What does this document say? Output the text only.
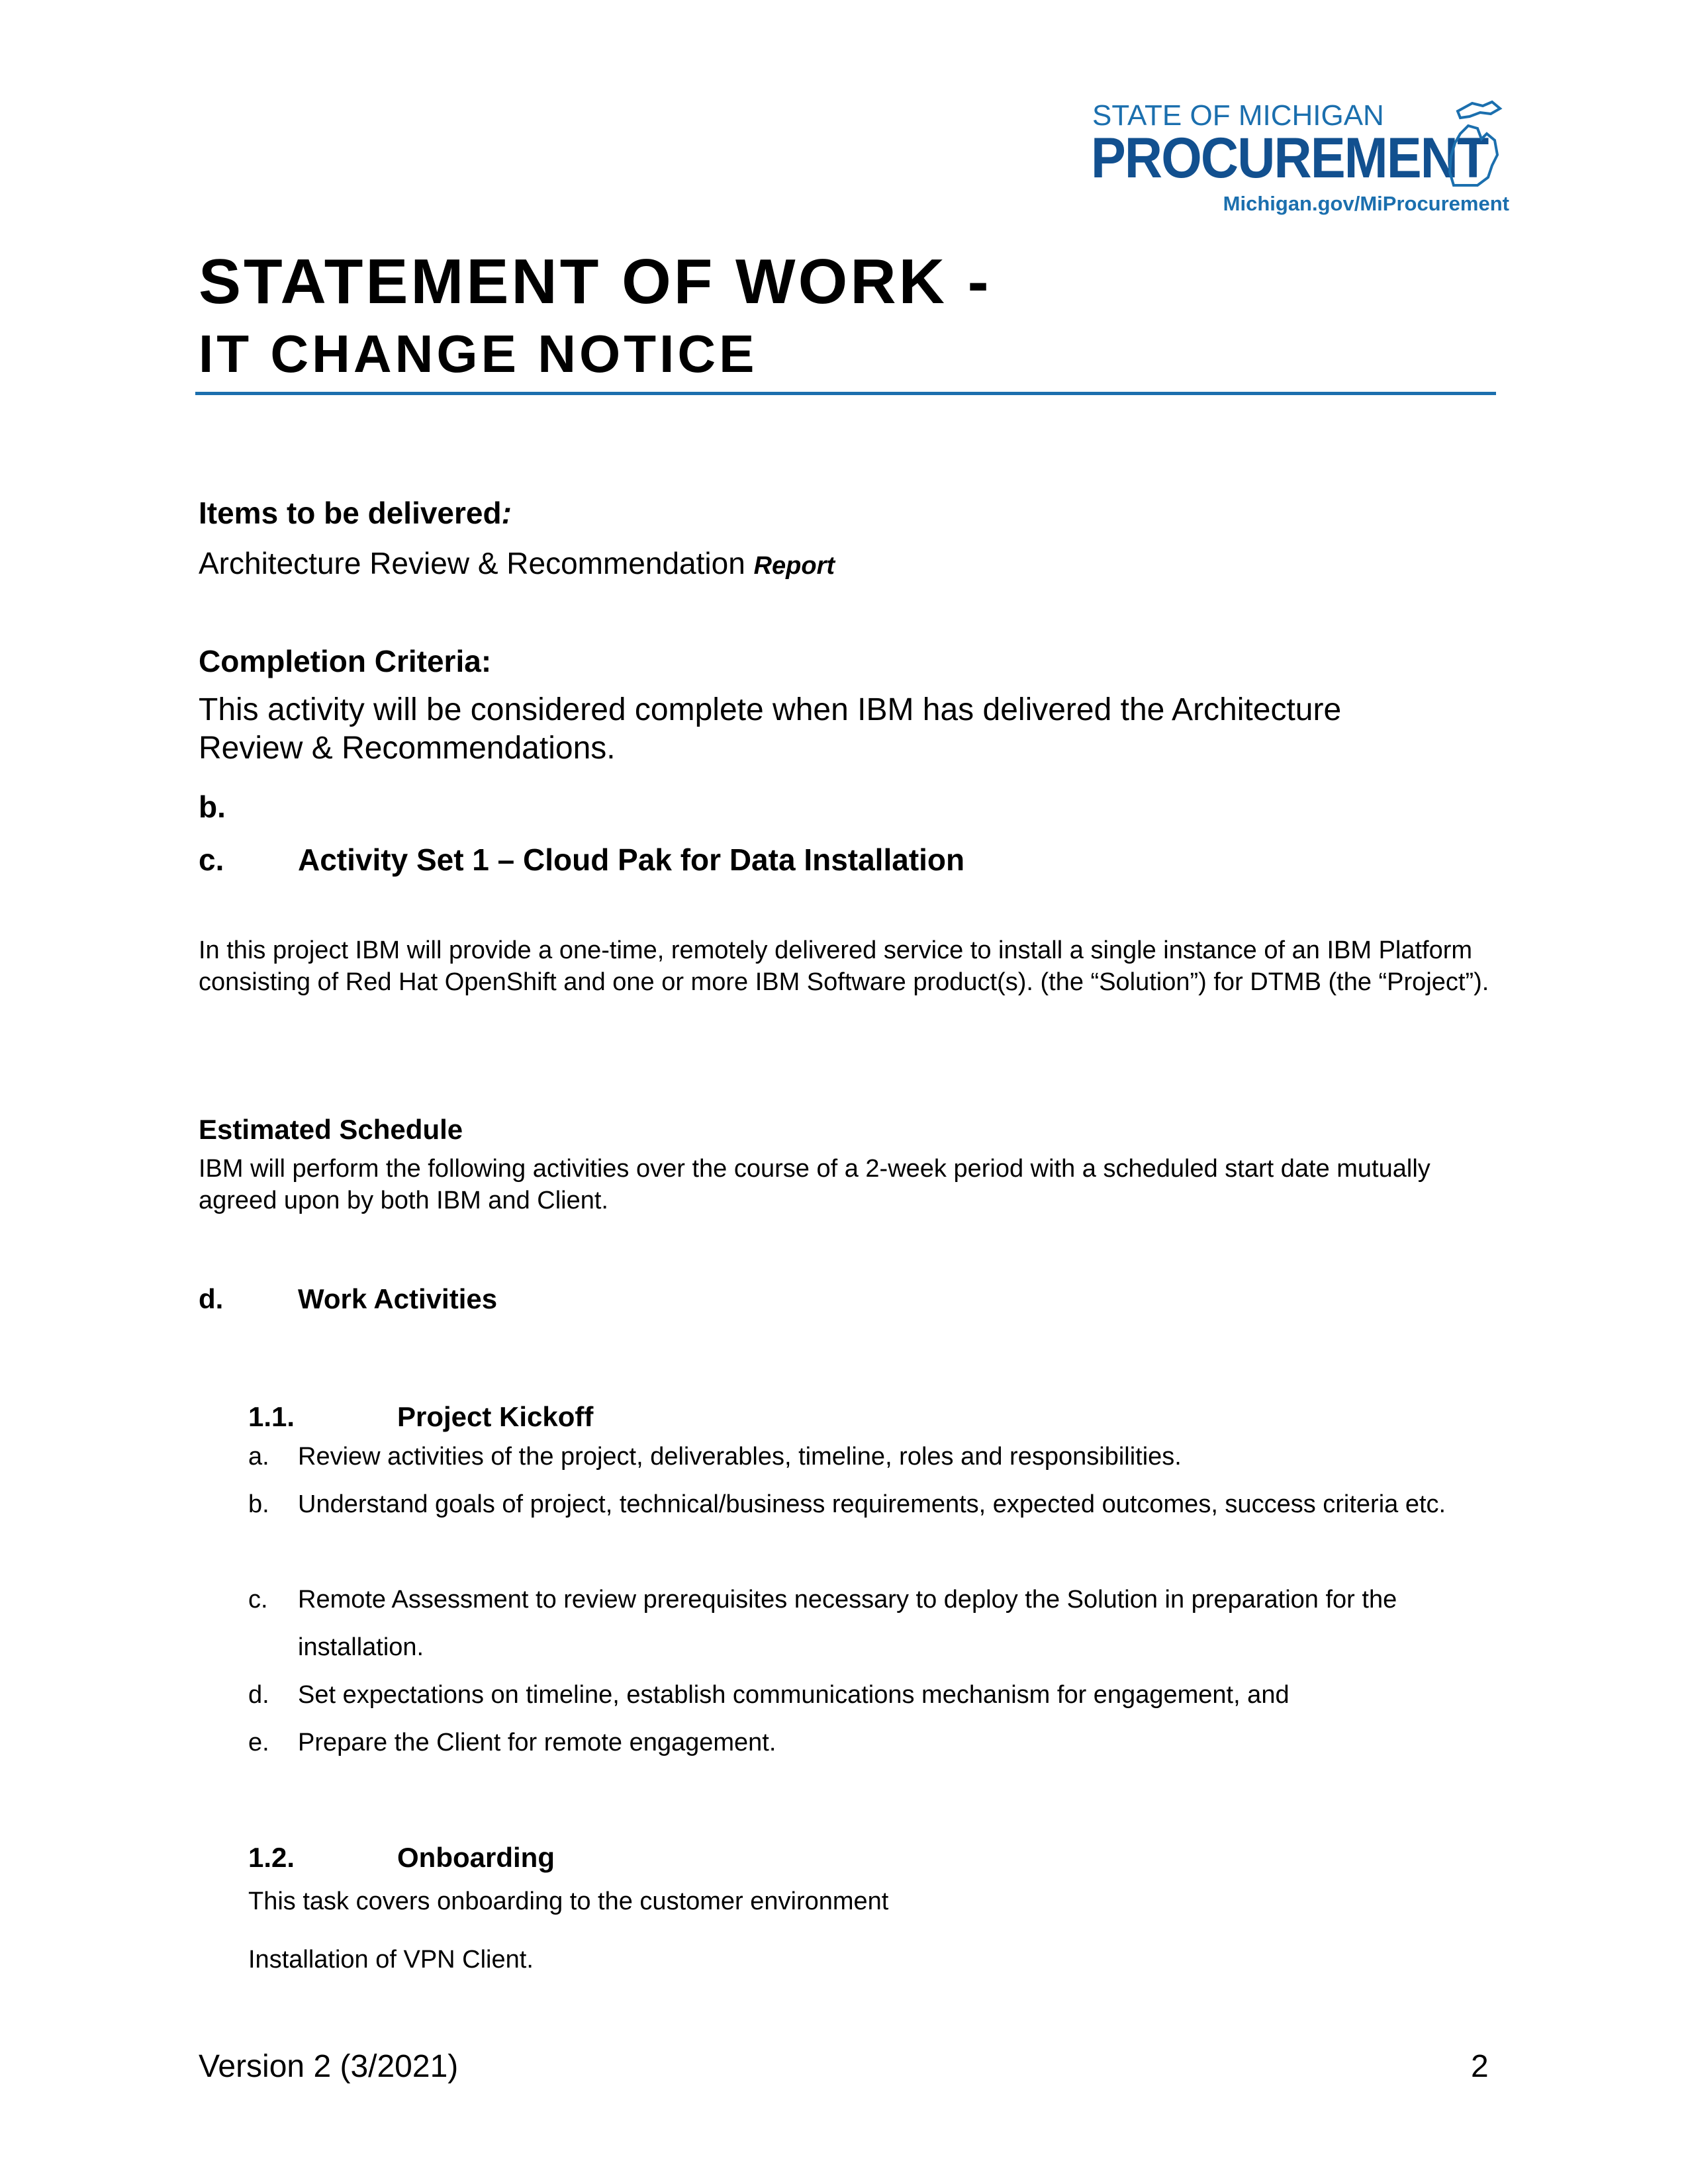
STATE OF MICHIGAN
PROCUREMENT
Michigan.gov/MiProcurement
STATEMENT OF WORK -
IT CHANGE NOTICE
Items to be delivered:
Architecture Review & Recommendation Report
Completion Criteria:
This activity will be considered complete when IBM has delivered the Architecture Review & Recommendations.
b.
c. Activity Set 1 – Cloud Pak for Data Installation
In this project IBM will provide a one-time, remotely delivered service to install a single instance of an IBM Platform consisting of Red Hat OpenShift and one or more IBM Software product(s). (the “Solution”) for DTMB (the “Project”).
Estimated Schedule
IBM will perform the following activities over the course of a 2-week period with a scheduled start date mutually agreed upon by both IBM and Client.
d.	Work Activities
1.1.	Project Kickoff
a. Review activities of the project, deliverables, timeline, roles and responsibilities.
b. Understand goals of project, technical/business requirements, expected outcomes, success criteria etc.
c. Remote Assessment to review prerequisites necessary to deploy the Solution in preparation for the installation.
d. Set expectations on timeline, establish communications mechanism for engagement, and
e. Prepare the Client for remote engagement.
1.2.	Onboarding
This task covers onboarding to the customer environment
Installation of VPN Client.
Version 2 (3/2021)	2
